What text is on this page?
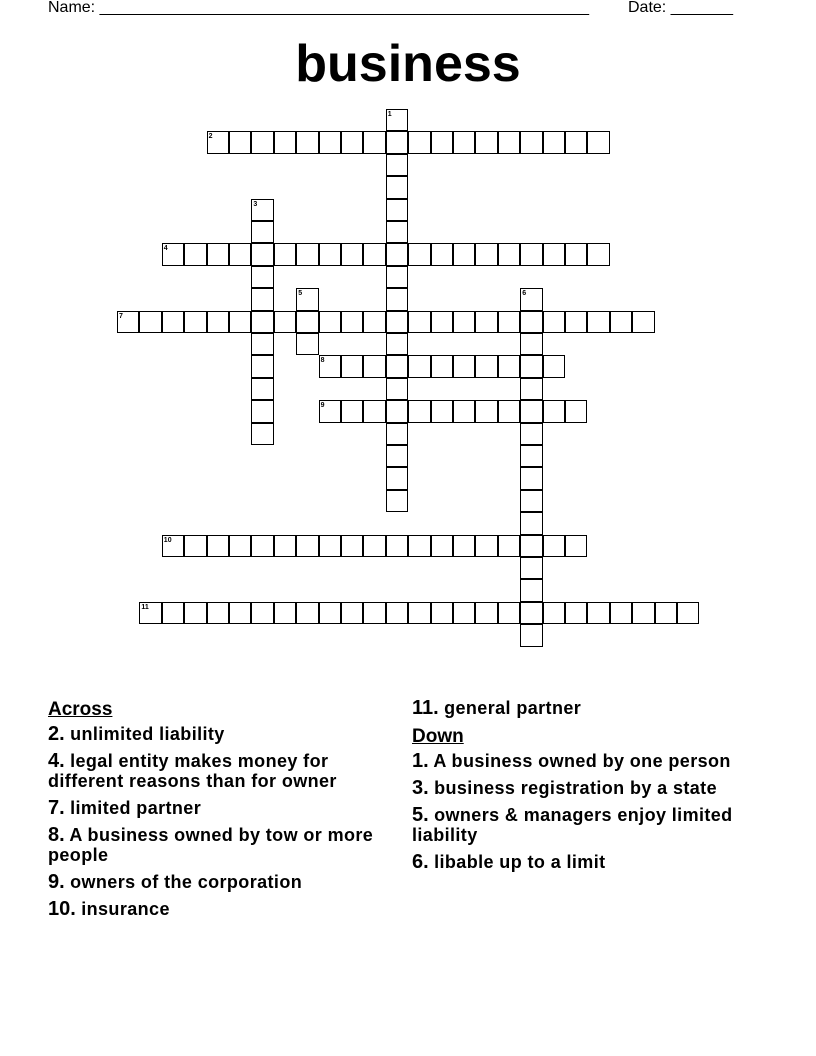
Name: _______________________________________________________ Date: _______
business
1
2
3
4
5	6
7
8
9
10
11
Across
2. unlimited liability
4. legal entity makes money for different reasons than for owner
7. limited partner
8. A business owned by tow or more people
9. owners of the corporation
10. insurance
11. general partner
Down
1. A business owned by one person
3. business registration by a state
5. owners & managers enjoy limited liability
6. libable up to a limit
